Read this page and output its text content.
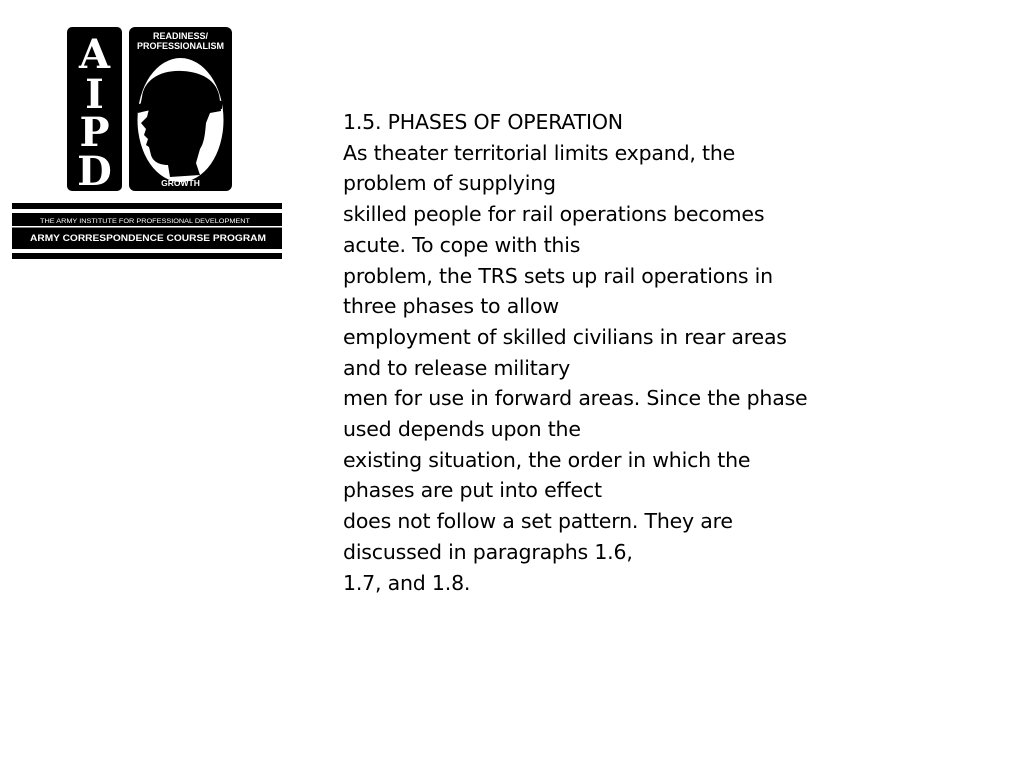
A
I
P
D
READINESS/
PROFESSIONALISM
THRU
GROWTH
THE ARMY INSTITUTE FOR PROFESSIONAL DEVELOPMENT
ARMY CORRESPONDENCE COURSE PROGRAM
1.5. PHASES OF OPERATION
As theater territorial limits expand, the
problem of supplying
skilled people for rail operations becomes
acute. To cope with this
problem, the TRS sets up rail operations in
three phases to allow
employment of skilled civilians in rear areas
and to release military
men for use in forward areas. Since the phase
used depends upon the
existing situation, the order in which the
phases are put into effect
does not follow a set pattern. They are
discussed in paragraphs 1.6,
1.7, and 1.8.
